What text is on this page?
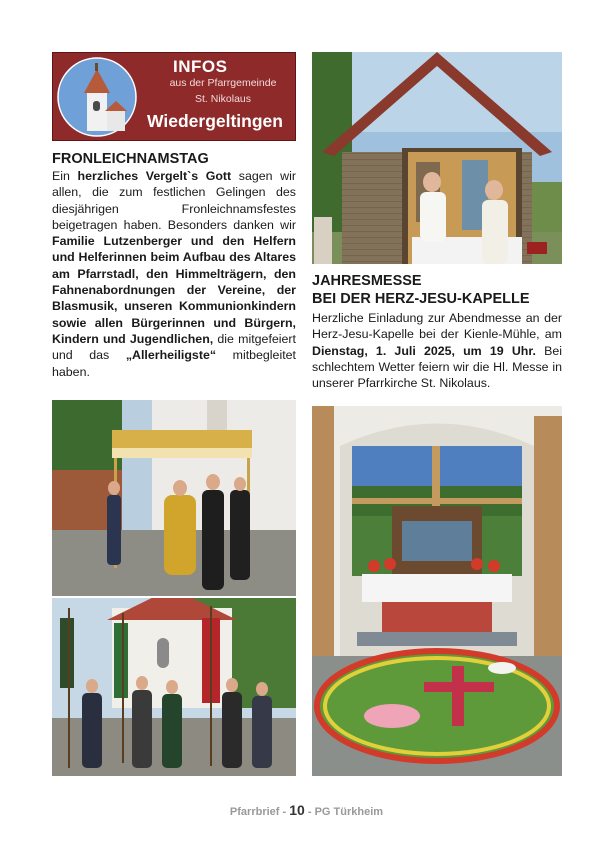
INFOS
aus der Pfarrgemeinde
St. Nikolaus
Wiedergeltingen
FRONLEICHNAMSTAG

Ein herzliches Vergelt`s Gott sagen wir allen, die zum festlichen Gelingen des diesjährigen Fronleichnamsfestes beigetragen haben. Besonders danken wir Familie Lutzenberger und den Helfern und Helferinnen beim Aufbau des Altares am Pfarrstadl, den Himmelträgern, den Fahnenabordnungen der Vereine, der Blasmusik, unseren Kommunionkindern sowie allen Bürgerinnen und Bürgern, Kindern und Jugendlichen, die mitgefeiert und das „Allerheiligste“ mitbegleitet haben.

JAHRESMESSE
BEI DER HERZ-JESU-KAPELLE

Herzliche Einladung zur Abendmesse an der Herz-Jesu-Kapelle bei der Kienle-Mühle, am Dienstag, 1. Juli 2025, um 19 Uhr. Bei schlechtem Wetter feiern wir die Hl. Messe in unserer Pfarrkirche St. Nikolaus.

Pfarrbrief - 10 - PG Türkheim
